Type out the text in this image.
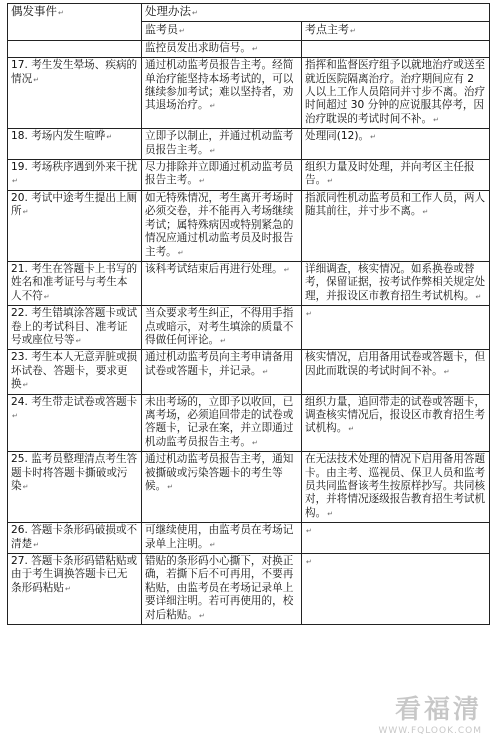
偶发事件↵	处理办法↵	
	监考员↵	考点主考↵
	监控员发出求助信号。↵	
17. 考生发生晕场、疾病的情况↵	通过机动监考员报告主考。经简单治疗能坚持本场考试的，可以继续参加考试；难以坚持者，劝其退场治疗。↵	指挥和监督医疗组予以就地治疗或送至就近医院隔离治疗。治疗期间应有 2 人以上工作人员陪同并寸步不离。治疗时间超过 30 分钟的应说服其停考，因治疗耽误的考试时间不补。↵
18. 考场内发生喧哗↵	立即予以制止，并通过机动监考员报告主考。↵	处理同(12)。↵
19. 考场秩序遇到外来干扰↵	尽力排除并立即通过机动监考员报告主考。↵	组织力量及时处理，并向考区主任报告。↵
20. 考试中途考生提出上厕所↵	如无特殊情况，考生离开考场时必须交卷，并不能再入考场继续考试；属特殊病因或特别紧急的情况应通过机动监考员及时报告主考。↵	指派同性机动监考员和工作人员，两人随其前往，并寸步不离。↵
21. 考生在答题卡上书写的姓名和准考证号与考生本人不符↵	该科考试结束后再进行处理。↵	详细调查，核实情况。如系换卷或替考，保留证据，按考试作弊相关规定处理，并报设区市教育招生考试机构。↵
22. 考生错填涂答题卡或试卷上的考试科目、准考证号或座位号等↵	当众要求考生纠正，不得用手指点或暗示，对考生填涂的质量不得做任何评论。↵	↵
23. 考生本人无意弄脏或损坏试卷、答题卡，要求更换↵	通过机动监考员向主考申请备用试卷或答题卡，并记录。↵	核实情况，启用备用试卷或答题卡，但因此而耽误的考试时间不补。↵
24. 考生带走试卷或答题卡↵	未出考场的，立即予以收回，已离考场，必须追回带走的试卷或答题卡，记录在案，并立即通过机动监考员报告主考。↵	组织力量，追回带走的试卷或答题卡，调查核实情况后，报设区市教育招生考试机构。↵
25. 监考员整理清点考生答题卡时将答题卡撕破或污染↵	通过机动监考员报告主考，通知被撕破或污染答题卡的考生等候。↵	在无法技术处理的情况下启用备用答题卡。由主考、巡视员、保卫人员和监考员共同监督该考生按原样抄写。共同核对，并将情况逐级报告教育招生考试机构。↵
26. 答题卡条形码破损或不清楚↵	可继续使用，由监考员在考场记录单上注明。↵	↵
27. 答题卡条形码错粘贴或由于考生调换答题卡已无条形码粘贴↵	错贴的条形码小心撕下，对换正确，若撕下后不可再用，不要再粘贴，由监考员在考场记录单上要详细注明。若可再使用的，校对后粘贴。↵	↵
看福清
WWW.FQLOOK.COM
